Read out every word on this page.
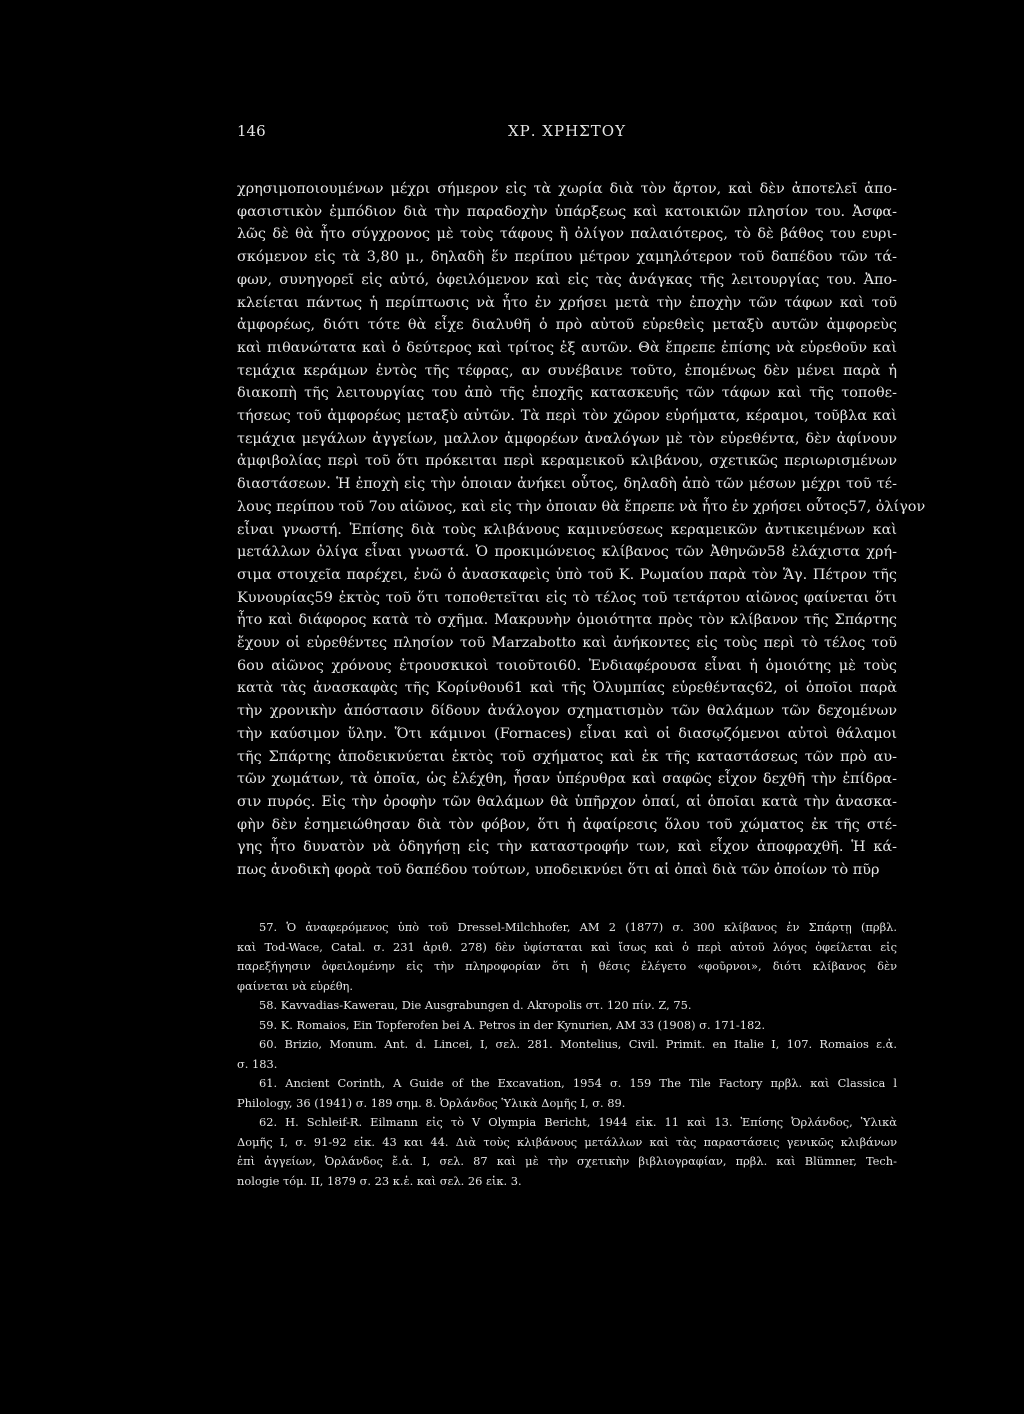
146	ΧΡ. ΧΡΗΣΤΟΥ
χρησιμοποιουμένων μέχρι σήμερον εἰς τὰ χωρία διὰ τὸν ἄρτον, καὶ δὲν ἀποτελεῖ ἀπο-
φασιστικὸν ἐμπόδιον διὰ τὴν παραδοχὴν ὑπάρξεως καὶ κατοικιῶν πλησίον του. Ἀσφα-
λῶς δὲ θὰ ἦτο σύγχρονος μὲ τοὺς τάφους ἢ ὀλίγον παλαιότερος, τὸ δὲ βάθος του ευρι-
σκόμενον εἰς τὰ 3,80 μ., δηλαδὴ ἕν περίπου μέτρον χαμηλότερον τοῦ δαπέδου τῶν τά-
φων, συνηγορεῖ εἰς αὐτό, ὀφειλόμενον καὶ εἰς τὰς ἀνάγκας τῆς λειτουργίας του. Ἀπο-
κλείεται πάντως ἡ περίπτωσις νὰ ἦτο ἐν χρήσει μετὰ τὴν ἐποχὴν τῶν τάφων καὶ τοῦ
ἀμφορέως, διότι τότε θὰ εἶχε διαλυθῆ ὁ πρὸ αὐτοῦ εὑρεθεὶς μεταξὺ αυτῶν ἀμφορεὺς
καὶ πιθανώτατα καὶ ὁ δεύτερος καὶ τρίτος ἐξ αυτῶν. Θὰ ἔπρεπε ἐπίσης νὰ εὑρεθοῦν καὶ
τεμάχια κεράμων ἐντὸς τῆς τέφρας, αν συνέβαινε τοῦτο, ἑπομένως δὲν μένει παρὰ ἡ
διακοπὴ τῆς λειτουργίας του ἀπὸ τῆς ἐποχῆς κατασκευῆς τῶν τάφων καὶ τῆς τοποθε-
τήσεως τοῦ ἀμφορέως μεταξὺ αὐτῶν. Τὰ περὶ τὸν χῶρον εὑρήματα, κέραμοι, τοῦβλα καὶ
τεμάχια μεγάλων ἀγγείων, μαλλον ἀμφορέων ἀναλόγων μὲ τὸν εὑρεθέντα, δὲν ἀφίνουν
ἀμφιβολίας περὶ τοῦ ὅτι πρόκειται περὶ κεραμεικοῦ κλιβάνου, σχετικῶς περιωρισμένων
διαστάσεων. Ἡ ἐποχὴ εἰς τὴν ὁποιαν ἀνήκει οὗτος, δηλαδὴ ἀπὸ τῶν μέσων μέχρι τοῦ τέ-
λους περίπου τοῦ 7ου αἰῶνος, καὶ εἰς τὴν ὁποιαν θὰ ἔπρεπε νὰ ἦτο ἐν χρήσει οὗτος57, ὀλίγον
εἶναι γνωστή. Ἐπίσης διὰ τοὺς κλιβάνους καμινεύσεως κεραμεικῶν ἀντικειμένων καὶ
μετάλλων ὀλίγα εἶναι γνωστά. Ὁ προκιμώνειος κλίβανος τῶν Ἀθηνῶν58 ἐλάχιστα χρή-
σιμα στοιχεῖα παρέχει, ἐνῶ ὁ ἀνασκαφεὶς ὑπὸ τοῦ Κ. Ρωμαίου παρὰ τὸν Ἅγ. Πέτρον τῆς
Κυνουρίας59 ἐκτὸς τοῦ ὅτι τοποθετεῖται εἰς τὸ τέλος τοῦ τετάρτου αἰῶνος φαίνεται ὅτι
ἦτο καὶ διάφορος κατὰ τὸ σχῆμα. Μακρυνὴν ὁμοιότητα πρὸς τὸν κλίβανον τῆς Σπάρτης
ἔχουν οἱ εὑρεθέντες πλησίον τοῦ Marzabotto καὶ ἀνήκοντες εἰς τοὺς περὶ τὸ τέλος τοῦ
6ου αἰῶνος χρόνους ἐτρουσκικοὶ τοιοῦτοι60. Ἐνδιαφέρουσα εἶναι ἡ ὁμοιότης μὲ τοὺς
κατὰ τὰς ἀνασκαφὰς τῆς Κορίνθου61 καὶ τῆς Ὀλυμπίας εὑρεθέντας62, οἱ ὁποῖοι παρὰ
τὴν χρονικὴν ἀπόστασιν δίδουν ἀνάλογον σχηματισμὸν τῶν θαλάμων τῶν δεχομένων
τὴν καύσιμον ὕλην. Ὅτι κάμινοι (Fornaces) εἶναι καὶ οἱ διασῳζόμενοι αὐτοὶ θάλαμοι
τῆς Σπάρτης ἀποδεικνύεται ἐκτὸς τοῦ σχήματος καὶ ἐκ τῆς καταστάσεως τῶν πρὸ αυ-
τῶν χωμάτων, τὰ ὁποῖα, ὡς ἐλέχθη, ἦσαν ὑπέρυθρα καὶ σαφῶς εἶχον δεχθῆ τὴν ἐπίδρα-
σιν πυρός. Εἰς τὴν ὀροφὴν τῶν θαλάμων θὰ ὑπῆρχον ὀπαί, αἱ ὁποῖαι κατὰ τὴν ἀνασκα-
φὴν δὲν ἐσημειώθησαν διὰ τὸν φόβον, ὅτι ἡ ἀφαίρεσις ὅλου τοῦ χώματος ἐκ τῆς στέ-
γης ἦτο δυνατὸν νὰ ὁδηγήσῃ εἰς τὴν καταστροφήν των, καὶ εἶχον ἀποφραχθῆ. Ἡ κά-
πως ἀνοδικὴ φορὰ τοῦ δαπέδου τούτων, υποδεικνύει ὅτι αἱ ὀπαὶ διὰ τῶν ὁποίων τὸ πῦρ
57. Ὁ ἀναφερόμενος ὑπὸ τοῦ Dressel-Milchhofer, AM 2 (1877) σ. 300 κλίβανος ἐν Σπάρτῃ (πρβλ.
καὶ Tod-Wace, Catal. σ. 231 ἀριθ. 278) δὲν ὑφίσταται καὶ ἴσως καὶ ὁ περὶ αὐτοῦ λόγος ὀφείλεται εἰς
παρεξήγησιν ὀφειλομένην εἰς τὴν πληροφορίαν ὅτι ἡ θέσις ἐλέγετο «φοῦρνοι», διότι κλίβανος δὲν
φαίνεται νὰ εὑρέθη.
58. Kavvadias-Kawerau, Die Ausgrabungen d. Akropolis στ. 120 πίν. Z, 75.
59. K. Romaios, Ein Topferofen bei A. Petros in der Kynurien, AM 33 (1908) σ. 171-182.
60. Brizio, Monum. Ant. d. Lincei, I, σελ. 281. Montelius, Civil. Primit. en Italie I, 107. Romaios ε.ἀ.
σ. 183.
61. Ancient Corinth, A Guide of the Excavation, 1954 σ. 159 The Tile Factory πρβλ. καὶ Classica l
Philology, 36 (1941) σ. 189 σημ. 8. Ὀρλάνδος Ὑλικὰ Δομῆς I, σ. 89.
62. H. Schleif-R. Eilmann εἰς τὸ V Olympia Bericht, 1944 εἰκ. 11 καὶ 13. Ἐπίσης Ὀρλάνδος, Ὑλικὰ
Δομῆς I, σ. 91-92 εἰκ. 43 και 44. Διὰ τοὺς κλιβάνους μετάλλων καὶ τὰς παραστάσεις γενικῶς κλιβάνων
ἐπὶ ἀγγείων, Ὀρλάνδος ἔ.ἀ. I, σελ. 87 καὶ μὲ τὴν σχετικὴν βιβλιογραφίαν, πρβλ. καὶ Blümner, Tech-
nologie τόμ. II, 1879 σ. 23 κ.ἑ. καὶ σελ. 26 εἰκ. 3.
